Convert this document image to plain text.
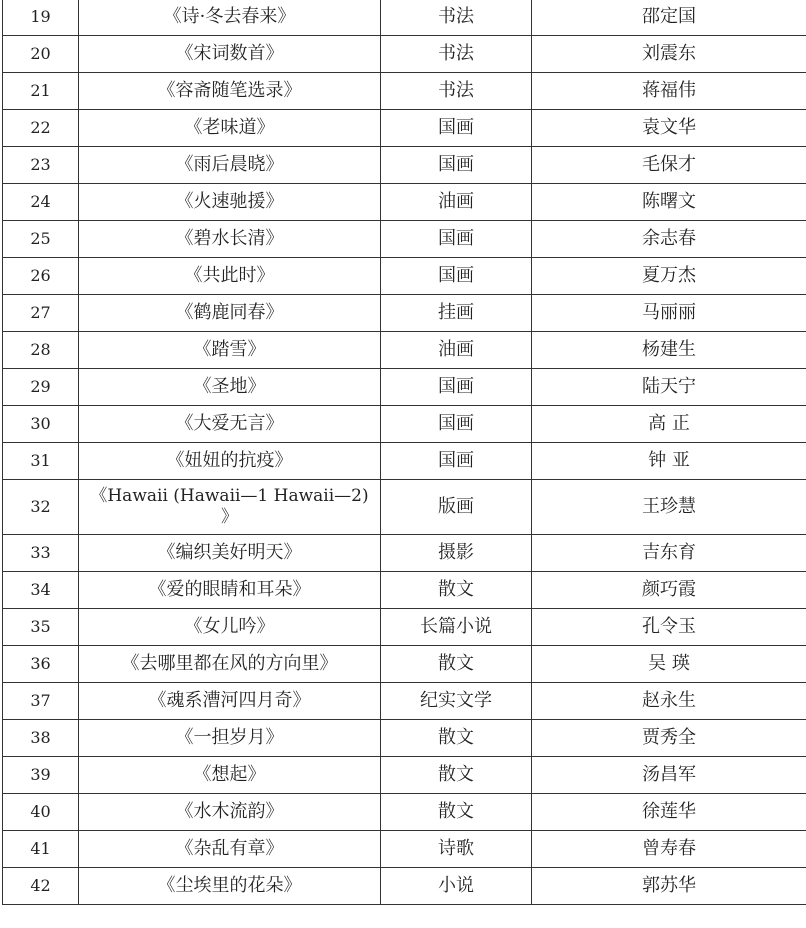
19	《诗·冬去春来》	书法	邵定国
20	《宋词数首》	书法	刘震东
21	《容斋随笔选录》	书法	蒋福伟
22	《老味道》	国画	袁文华
23	《雨后晨晓》	国画	毛保才
24	《火速驰援》	油画	陈曙文
25	《碧水长清》	国画	余志春
26	《共此时》	国画	夏万杰
27	《鹤鹿同春》	挂画	马丽丽
28	《踏雪》	油画	杨建生
29	《圣地》	国画	陆天宁
30	《大爱无言》	国画	高 正
31	《妞妞的抗疫》	国画	钟 亚
32	《Hawaii (Hawaii—1 Hawaii—2) 》	版画	王珍慧
33	《编织美好明天》	摄影	吉东育
34	《爱的眼睛和耳朵》	散文	颜巧霞
35	《女儿吟》	长篇小说	孔令玉
36	《去哪里都在风的方向里》	散文	吴 瑛
37	《魂系漕河四月奇》	纪实文学	赵永生
38	《一担岁月》	散文	贾秀全
39	《想起》	散文	汤昌军
40	《水木流韵》	散文	徐莲华
41	《杂乱有章》	诗歌	曾寿春
42	《尘埃里的花朵》	小说	郭苏华
